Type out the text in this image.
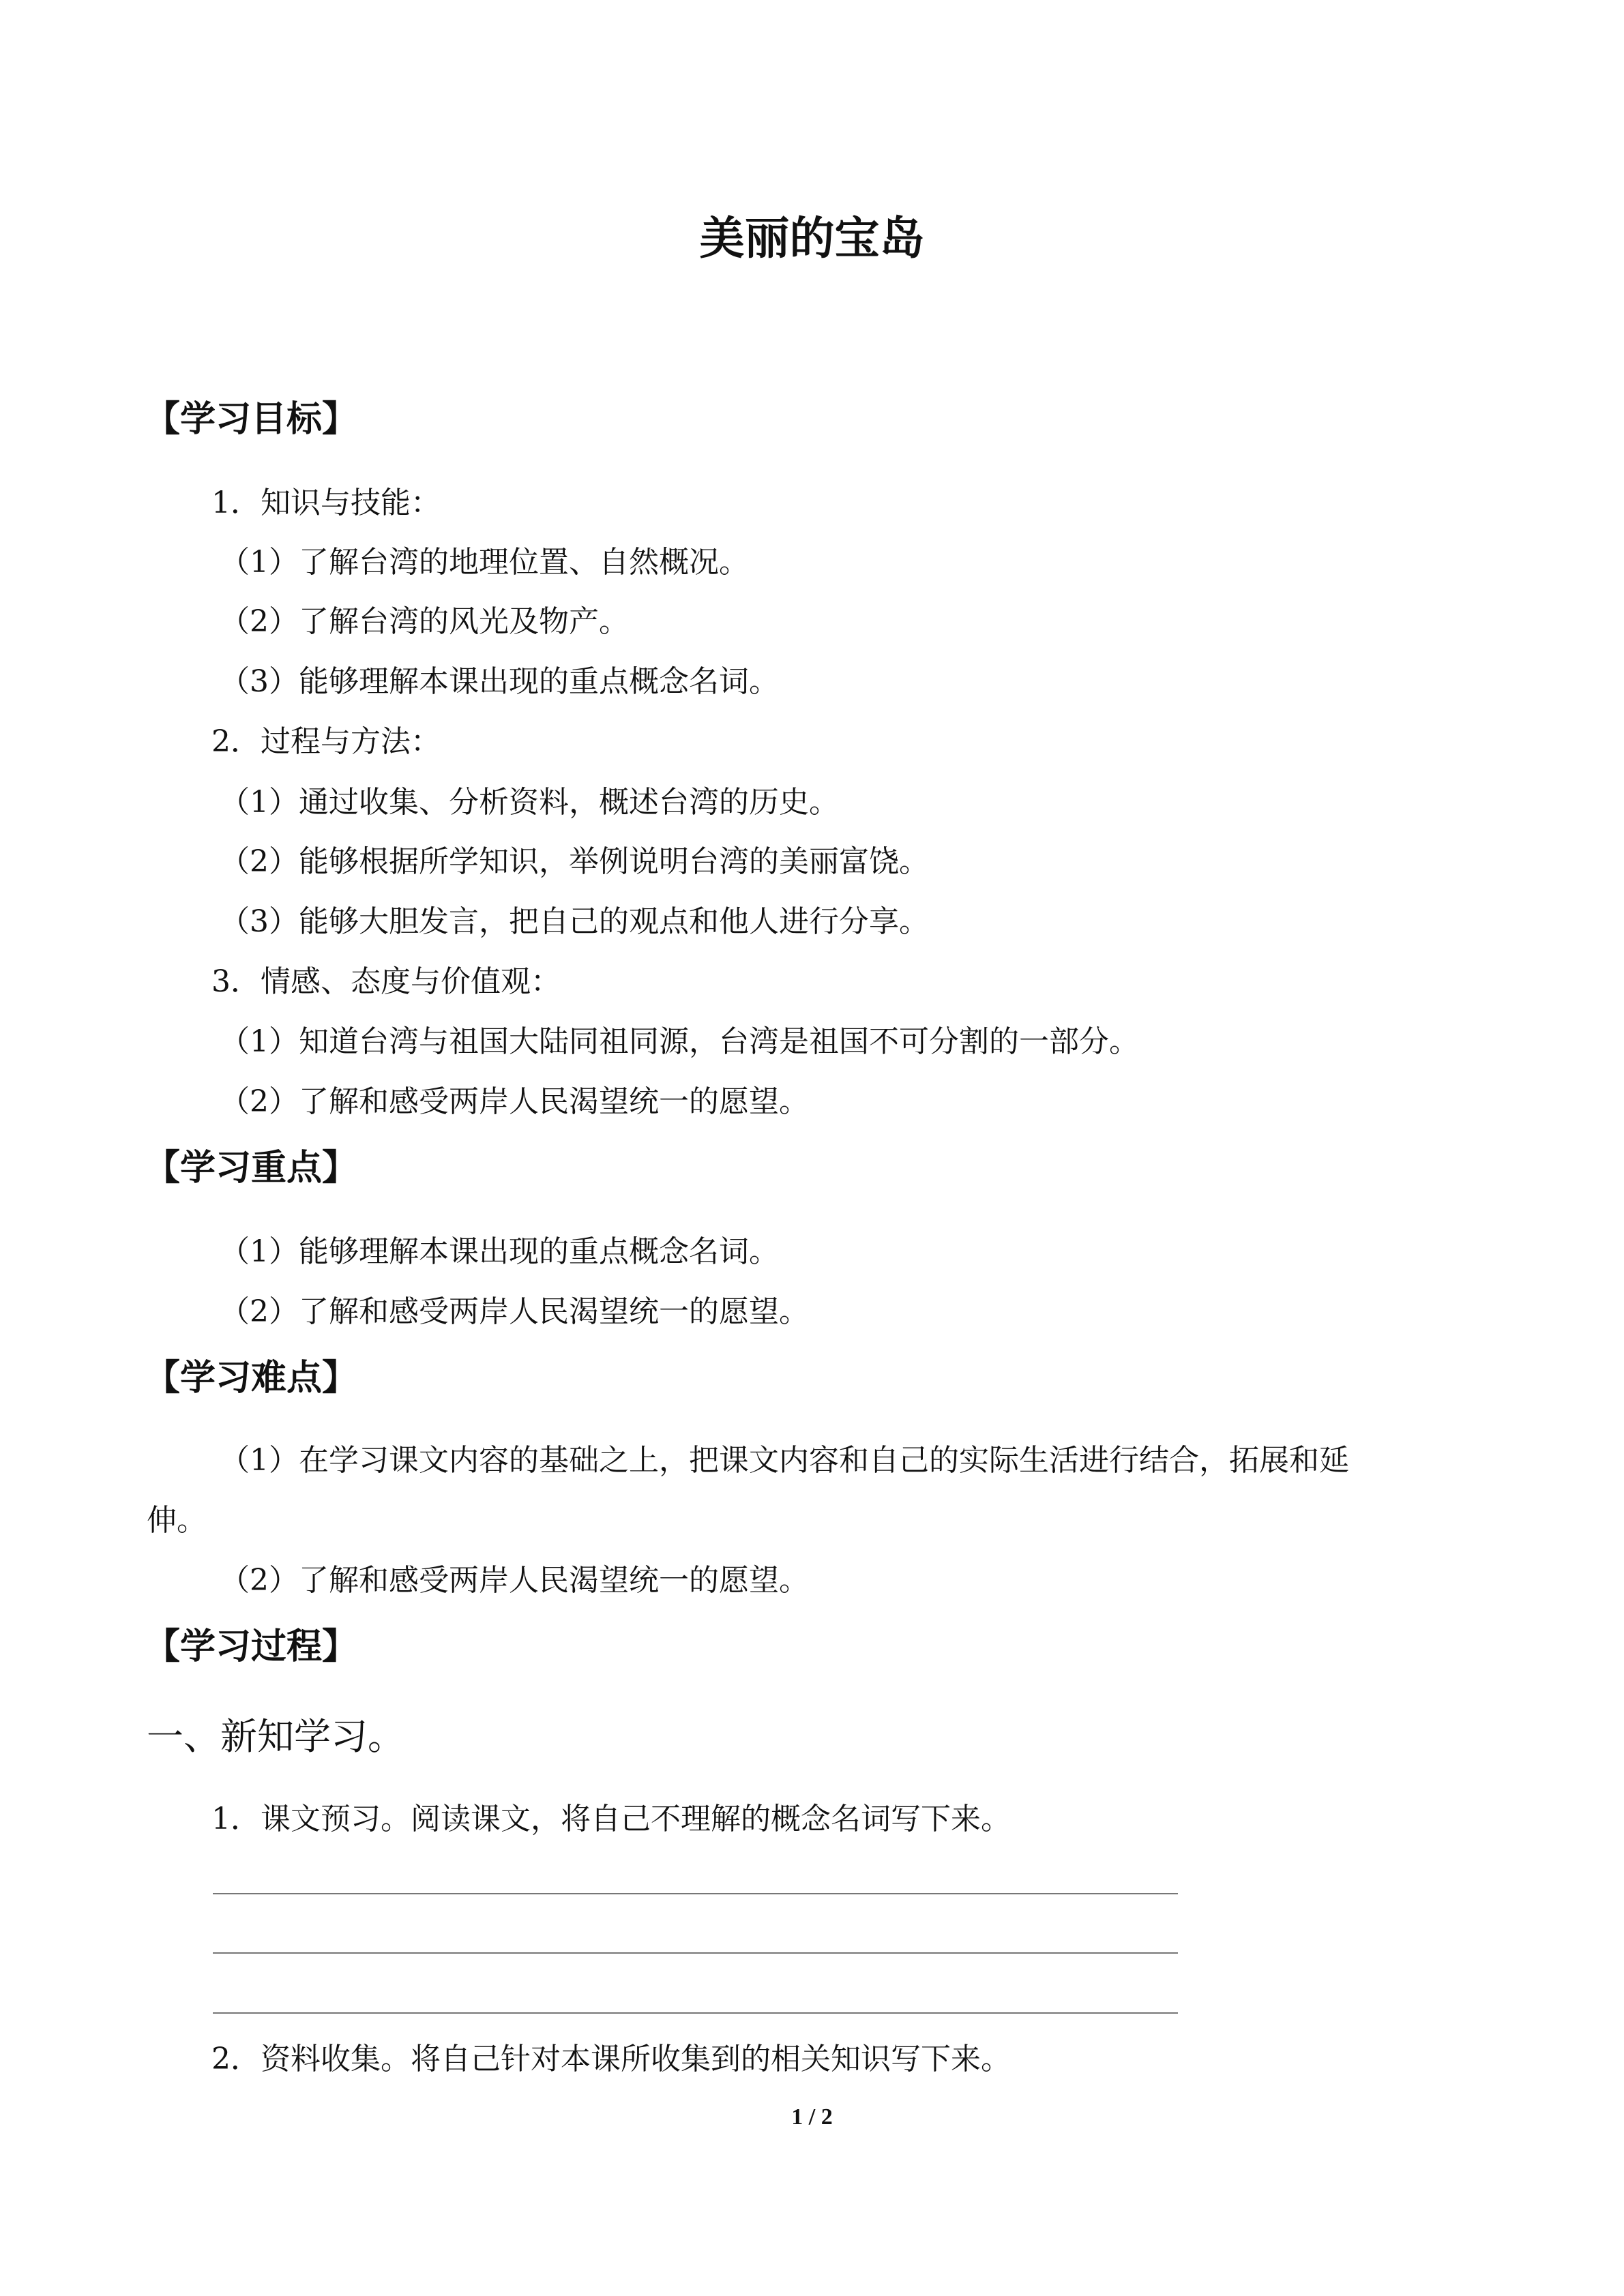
美丽的宝岛
【学习目标】
1．知识与技能：
（1）了解台湾的地理位置、自然概况。
（2）了解台湾的风光及物产。
（3）能够理解本课出现的重点概念名词。
2．过程与方法：
（1）通过收集、分析资料，概述台湾的历史。
（2）能够根据所学知识，举例说明台湾的美丽富饶。
（3）能够大胆发言，把自己的观点和他人进行分享。
3．情感、态度与价值观：
（1）知道台湾与祖国大陆同祖同源，台湾是祖国不可分割的一部分。
（2）了解和感受两岸人民渴望统一的愿望。
【学习重点】
（1）能够理解本课出现的重点概念名词。
（2）了解和感受两岸人民渴望统一的愿望。
【学习难点】
（1）在学习课文内容的基础之上，把课文内容和自己的实际生活进行结合，拓展和延
伸。
（2）了解和感受两岸人民渴望统一的愿望。
【学习过程】
一、新知学习。
1．课文预习。阅读课文，将自己不理解的概念名词写下来。
2．资料收集。将自己针对本课所收集到的相关知识写下来。
1 / 2
